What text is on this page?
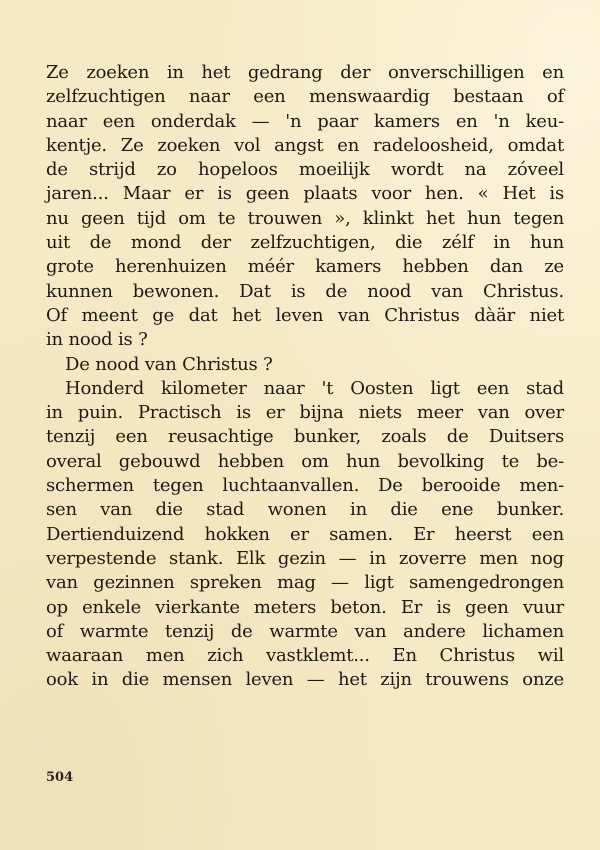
Ze zoeken in het gedrang der onverschilligen en
zelfzuchtigen naar een menswaardig bestaan of
naar een onderdak — 'n paar kamers en 'n keu-
kentje. Ze zoeken vol angst en radeloosheid, omdat
de strijd zo hopeloos moeilijk wordt na zóveel
jaren... Maar er is geen plaats voor hen. « Het is
nu geen tijd om te trouwen », klinkt het hun tegen
uit de mond der zelfzuchtigen, die zélf in hun
grote herenhuizen méér kamers hebben dan ze
kunnen bewonen. Dat is de nood van Christus.
Of meent ge dat het leven van Christus dàär niet
in nood is ?
De nood van Christus ?
Honderd kilometer naar 't Oosten ligt een stad
in puin. Practisch is er bijna niets meer van over
tenzij een reusachtige bunker, zoals de Duitsers
overal gebouwd hebben om hun bevolking te be-
schermen tegen luchtaanvallen. De berooide men-
sen van die stad wonen in die ene bunker.
Dertienduizend hokken er samen. Er heerst een
verpestende stank. Elk gezin — in zoverre men nog
van gezinnen spreken mag — ligt samengedrongen
op enkele vierkante meters beton. Er is geen vuur
of warmte tenzij de warmte van andere lichamen
waaraan men zich vastklemt... En Christus wil
ook in die mensen leven — het zijn trouwens onze
504
